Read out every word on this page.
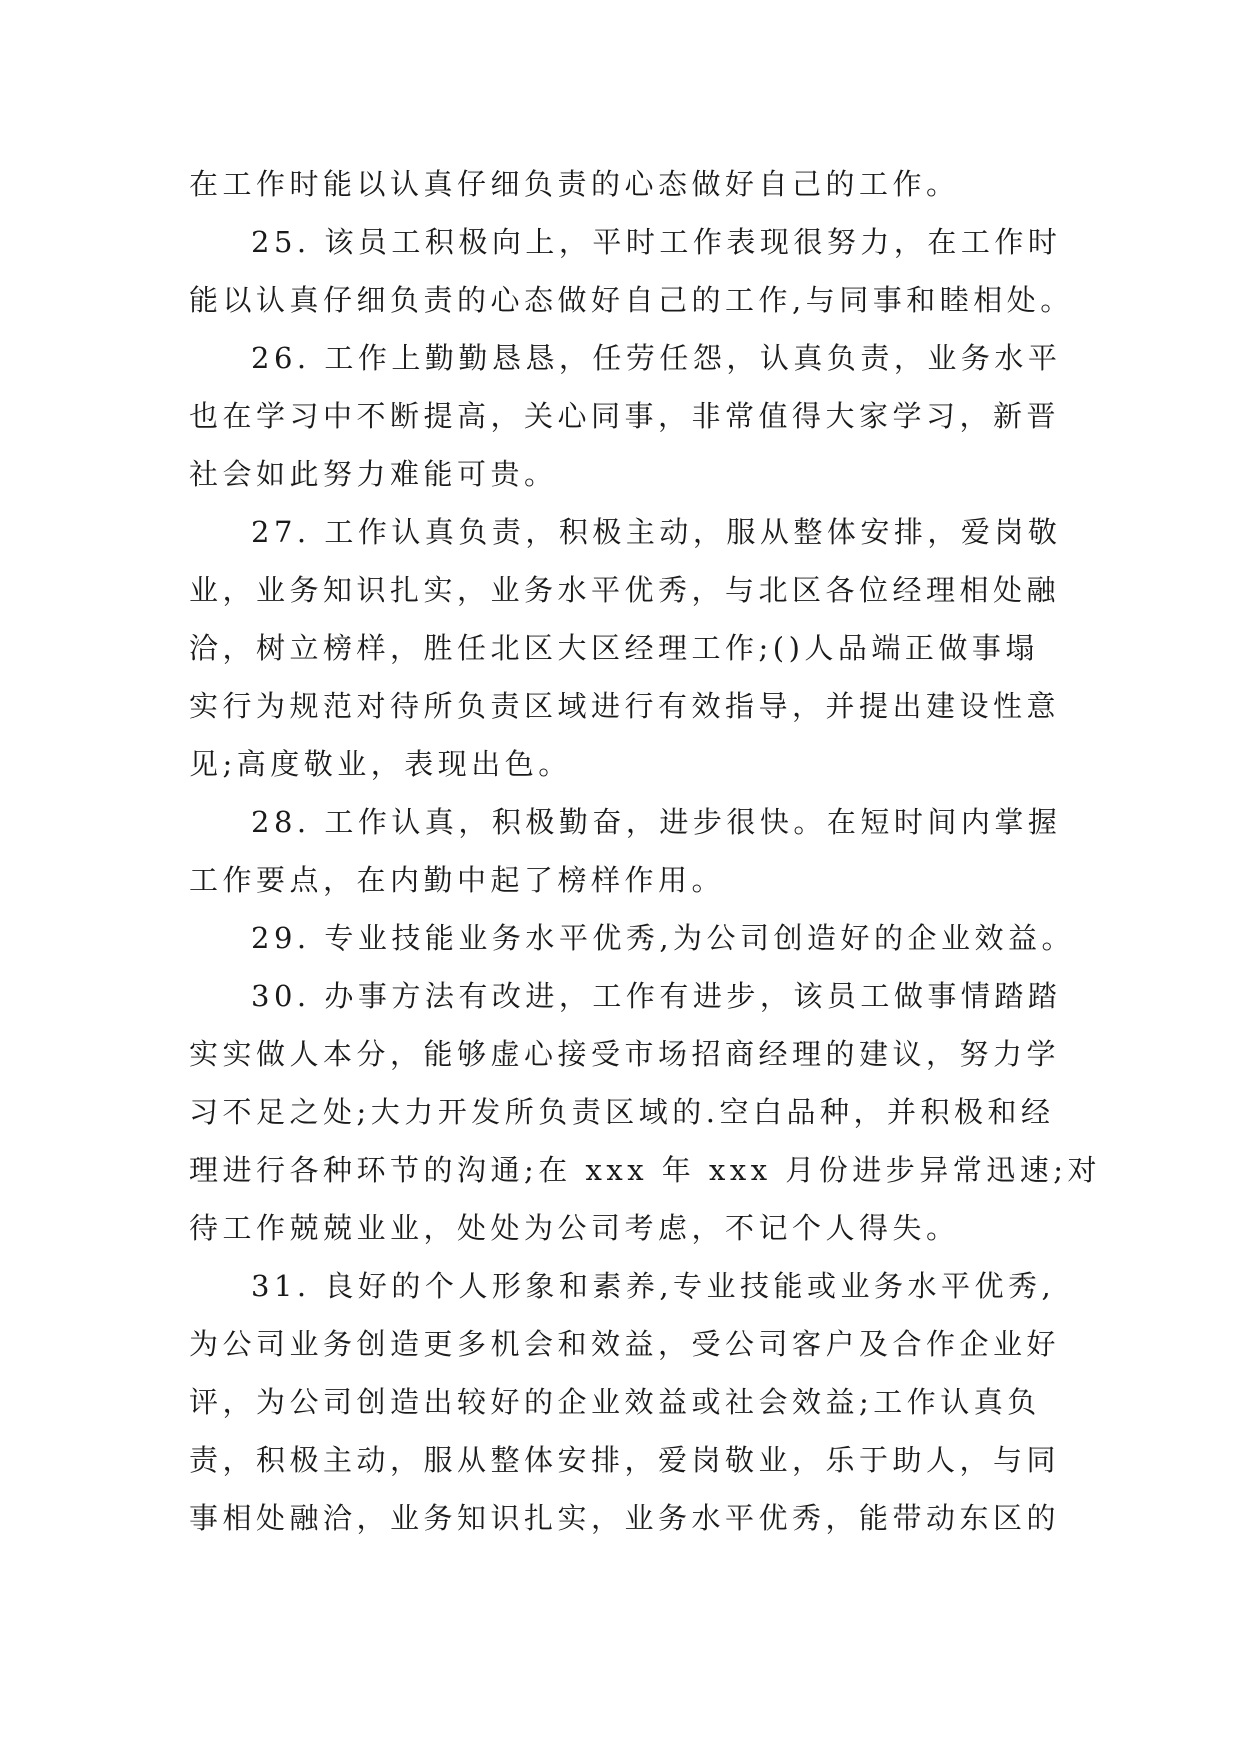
在工作时能以认真仔细负责的心态做好自己的工作。
25. 该员工积极向上，平时工作表现很努力，在工作时
能以认真仔细负责的心态做好自己的工作,与同事和睦相处。
26. 工作上勤勤恳恳，任劳任怨，认真负责，业务水平
也在学习中不断提高，关心同事，非常值得大家学习，新晋
社会如此努力难能可贵。
27. 工作认真负责，积极主动，服从整体安排，爱岗敬
业，业务知识扎实，业务水平优秀，与北区各位经理相处融
洽，树立榜样，胜任北区大区经理工作;()人品端正做事塌
实行为规范对待所负责区域进行有效指导，并提出建设性意
见;高度敬业，表现出色。
28. 工作认真，积极勤奋，进步很快。在短时间内掌握
工作要点，在内勤中起了榜样作用。
29. 专业技能业务水平优秀,为公司创造好的企业效益。
30. 办事方法有改进，工作有进步，该员工做事情踏踏
实实做人本分，能够虚心接受市场招商经理的建议，努力学
习不足之处;大力开发所负责区域的.空白品种，并积极和经
理进行各种环节的沟通;在 xxx 年 xxx 月份进步异常迅速;对
待工作兢兢业业，处处为公司考虑，不记个人得失。
31. 良好的个人形象和素养,专业技能或业务水平优秀,
为公司业务创造更多机会和效益，受公司客户及合作企业好
评，为公司创造出较好的企业效益或社会效益;工作认真负
责，积极主动，服从整体安排，爱岗敬业，乐于助人，与同
事相处融洽，业务知识扎实，业务水平优秀，能带动东区的
